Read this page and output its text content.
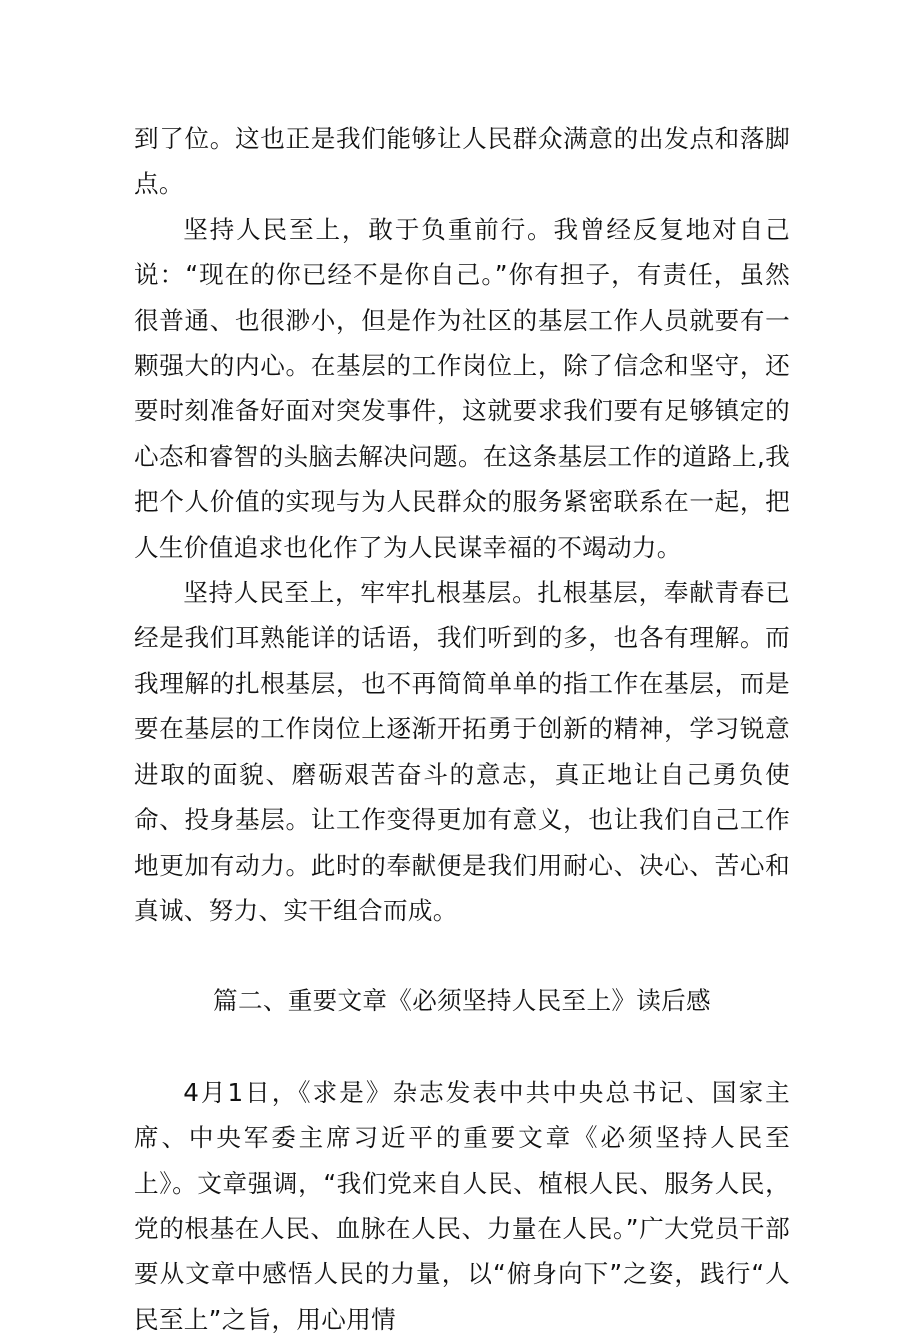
到了位。这也正是我们能够让人民群众满意的出发点和落脚点。

坚持人民至上，敢于负重前行。我曾经反复地对自己说：“现在的你已经不是你自己。”你有担子，有责任，虽然很普通、也很渺小，但是作为社区的基层工作人员就要有一颗强大的内心。在基层的工作岗位上，除了信念和坚守，还要时刻准备好面对突发事件，这就要求我们要有足够镇定的心态和睿智的头脑去解决问题。在这条基层工作的道路上,我把个人价值的实现与为人民群众的服务紧密联系在一起，把人生价值追求也化作了为人民谋幸福的不竭动力。

坚持人民至上，牢牢扎根基层。扎根基层，奉献青春已经是我们耳熟能详的话语，我们听到的多，也各有理解。而我理解的扎根基层，也不再简简单单的指工作在基层，而是要在基层的工作岗位上逐渐开拓勇于创新的精神，学习锐意进取的面貌、磨砺艰苦奋斗的意志，真正地让自己勇负使命、投身基层。让工作变得更加有意义，也让我们自己工作地更加有动力。此时的奉献便是我们用耐心、决心、苦心和真诚、努力、实干组合而成。

篇二、重要文章《必须坚持人民至上》读后感

4月1日，《求是》杂志发表中共中央总书记、国家主席、中央军委主席习近平的重要文章《必须坚持人民至上》。文章强调，“我们党来自人民、植根人民、服务人民，党的根基在人民、血脉在人民、力量在人民。”广大党员干部要从文章中感悟人民的力量，以“俯身向下”之姿，践行“人民至上”之旨，用心用情
